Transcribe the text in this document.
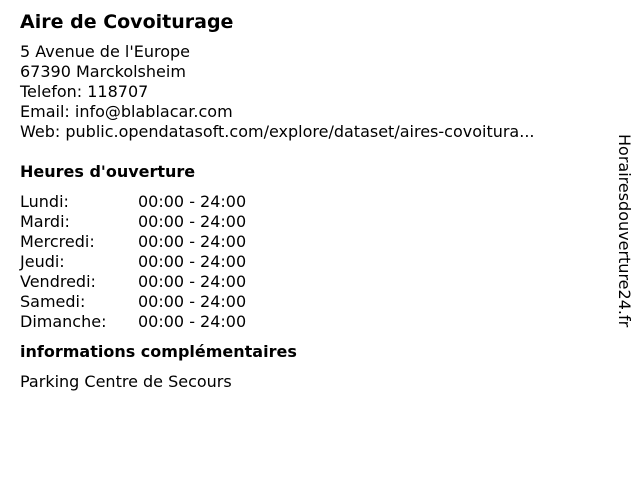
Aire de Covoiturage
5 Avenue de l'Europe
67390 Marckolsheim
Telefon: 118707
Email: info@blablacar.com
Web: public.opendatasoft.com/explore/dataset/aires-covoitura...
Heures d'ouverture
Lundi:	00:00 - 24:00
Mardi:	00:00 - 24:00
Mercredi:	00:00 - 24:00
Jeudi:	00:00 - 24:00
Vendredi:	00:00 - 24:00
Samedi:	00:00 - 24:00
Dimanche:	00:00 - 24:00
informations complémentaires
Parking Centre de Secours
Horairesdouverture24.fr
